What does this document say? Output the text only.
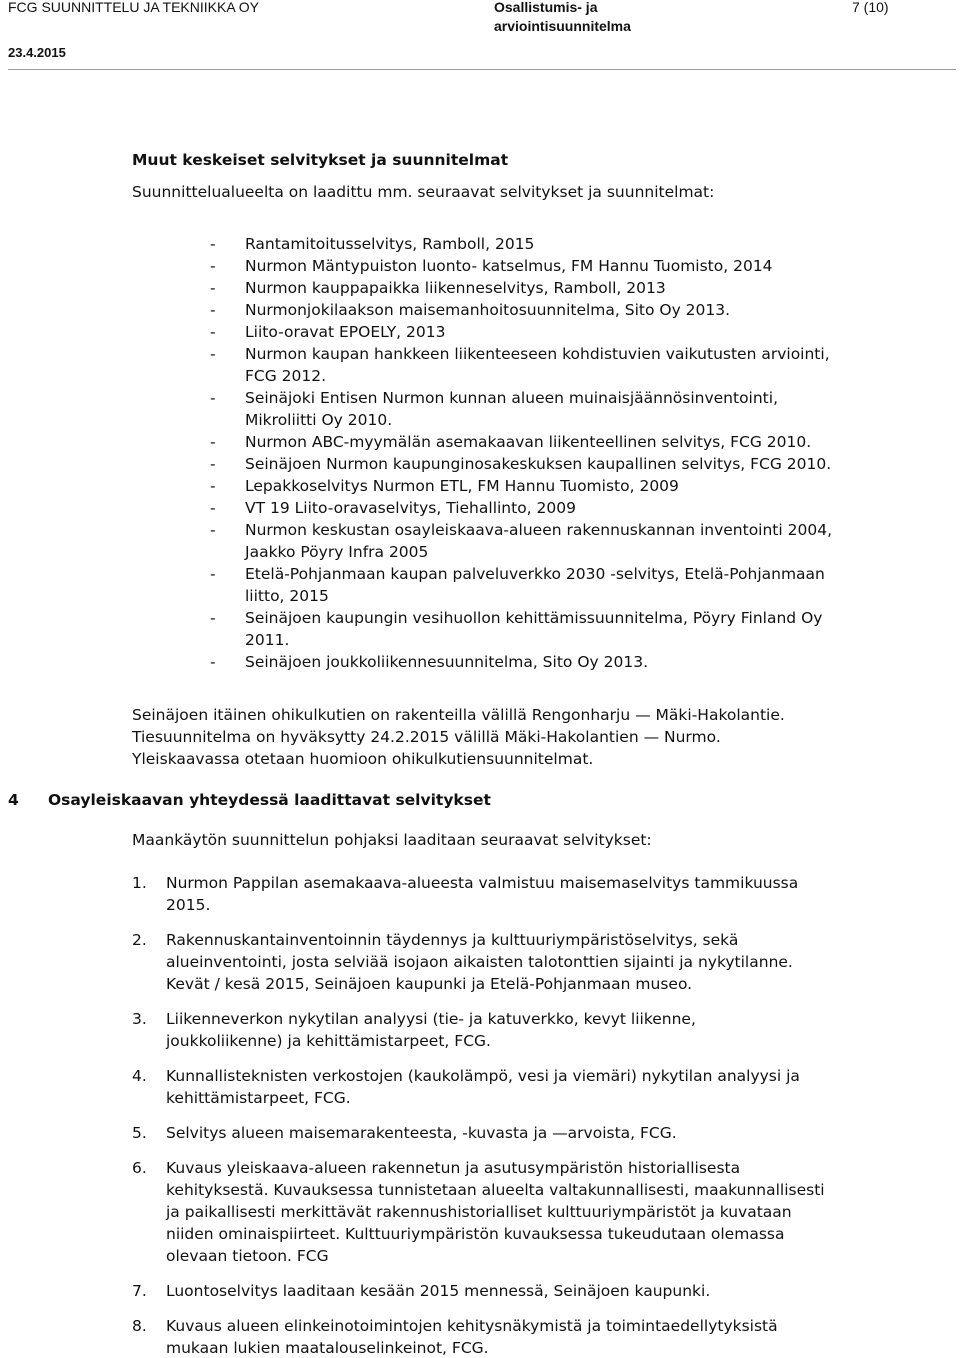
FCG SUUNNITTELU JA TEKNIIKKA OY
23.4.2015
Osallistumis- ja
arviointisuunnitelma
7 (10)
Muut keskeiset selvitykset ja suunnitelmat
Suunnittelualueelta on laadittu mm. seuraavat selvitykset ja suunnitelmat:
- Rantamitoitusselvitys, Ramboll, 2015
- Nurmon Mäntypuiston luonto- katselmus, FM Hannu Tuomisto, 2014
- Nurmon kauppapaikka liikenneselvitys, Ramboll, 2013
- Nurmonjokilaakson maisemanhoitosuunnitelma, Sito Oy 2013.
- Liito-oravat EPOELY, 2013
- Nurmon kaupan hankkeen liikenteeseen kohdistuvien vaikutusten arviointi,
FCG 2012.
- Seinäjoki Entisen Nurmon kunnan alueen muinaisjäännösinventointi,
Mikroliitti Oy 2010.
- Nurmon ABC-myymälän asemakaavan liikenteellinen selvitys, FCG 2010.
- Seinäjoen Nurmon kaupunginosakeskuksen kaupallinen selvitys, FCG 2010.
- Lepakkoselvitys Nurmon ETL, FM Hannu Tuomisto, 2009
- VT 19 Liito-oravaselvitys, Tiehallinto, 2009
- Nurmon keskustan osayleiskaava-alueen rakennuskannan inventointi 2004,
Jaakko Pöyry Infra 2005
- Etelä-Pohjanmaan kaupan palveluverkko 2030 -selvitys, Etelä-Pohjanmaan
liitto, 2015
- Seinäjoen kaupungin vesihuollon kehittämissuunnitelma, Pöyry Finland Oy
2011.
- Seinäjoen joukkoliikennesuunnitelma, Sito Oy 2013.
Seinäjoen itäinen ohikulkutien on rakenteilla välillä Rengonharju — Mäki-Hakolantie.
Tiesuunnitelma on hyväksytty 24.2.2015 välillä Mäki-Hakolantien — Nurmo.
Yleiskaavassa otetaan huomioon ohikulkutiensuunnitelmat.
4 Osayleiskaavan yhteydessä laadittavat selvitykset
Maankäytön suunnittelun pohjaksi laaditaan seuraavat selvitykset:
1. Nurmon Pappilan asemakaava-alueesta valmistuu maisemaselvitys tammikuussa
2015.
2. Rakennuskantainventoinnin täydennys ja kulttuuriympäristöselvitys, sekä
alueinventointi, josta selviää isojaon aikaisten talotonttien sijainti ja nykytilanne.
Kevät / kesä 2015, Seinäjoen kaupunki ja Etelä-Pohjanmaan museo.
3. Liikenneverkon nykytilan analyysi (tie- ja katuverkko, kevyt liikenne,
joukkoliikenne) ja kehittämistarpeet, FCG.
4. Kunnallisteknisten verkostojen (kaukolämpö, vesi ja viemäri) nykytilan analyysi ja
kehittämistarpeet, FCG.
5. Selvitys alueen maisemarakenteesta, -kuvasta ja —arvoista, FCG.
6. Kuvaus yleiskaava-alueen rakennetun ja asutusympäristön historiallisesta
kehityksestä. Kuvauksessa tunnistetaan alueelta valtakunnallisesti, maakunnallisesti
ja paikallisesti merkittävät rakennushistorialliset kulttuuriympäristöt ja kuvataan
niiden ominaispiirteet. Kulttuuriympäristön kuvauksessa tukeudutaan olemassa
olevaan tietoon. FCG
7. Luontoselvitys laaditaan kesään 2015 mennessä, Seinäjoen kaupunki.
8. Kuvaus alueen elinkeinotoimintojen kehitysnäkymistä ja toimintaedellytyksistä
mukaan lukien maatalouselinkeinot, FCG.
